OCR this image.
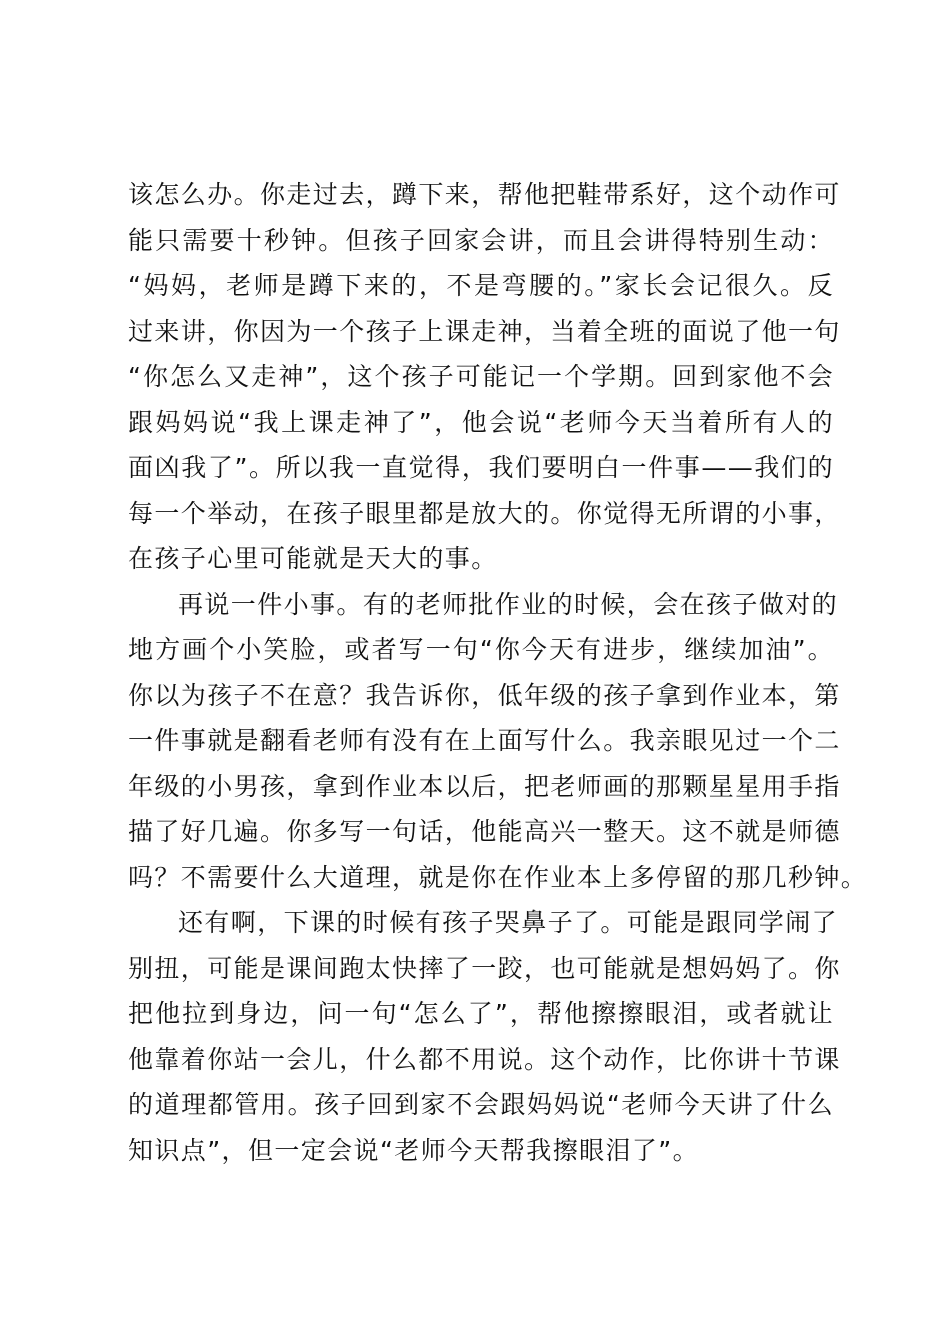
该怎么办。你走过去，蹲下来，帮他把鞋带系好，这个动作可
能只需要十秒钟。但孩子回家会讲，而且会讲得特别生动：
“妈妈，老师是蹲下来的，不是弯腰的。”家长会记很久。反
过来讲，你因为一个孩子上课走神，当着全班的面说了他一句
“你怎么又走神”，这个孩子可能记一个学期。回到家他不会
跟妈妈说“我上课走神了”，他会说“老师今天当着所有人的
面凶我了”。所以我一直觉得，我们要明白一件事——我们的
每一个举动，在孩子眼里都是放大的。你觉得无所谓的小事，
在孩子心里可能就是天大的事。
再说一件小事。有的老师批作业的时候，会在孩子做对的
地方画个小笑脸，或者写一句“你今天有进步，继续加油”。
你以为孩子不在意？我告诉你，低年级的孩子拿到作业本，第
一件事就是翻看老师有没有在上面写什么。我亲眼见过一个二
年级的小男孩，拿到作业本以后，把老师画的那颗星星用手指
描了好几遍。你多写一句话，他能高兴一整天。这不就是师德
吗？不需要什么大道理，就是你在作业本上多停留的那几秒钟。
还有啊，下课的时候有孩子哭鼻子了。可能是跟同学闹了
别扭，可能是课间跑太快摔了一跤，也可能就是想妈妈了。你
把他拉到身边，问一句“怎么了”，帮他擦擦眼泪，或者就让
他靠着你站一会儿，什么都不用说。这个动作，比你讲十节课
的道理都管用。孩子回到家不会跟妈妈说“老师今天讲了什么
知识点”，但一定会说“老师今天帮我擦眼泪了”。
